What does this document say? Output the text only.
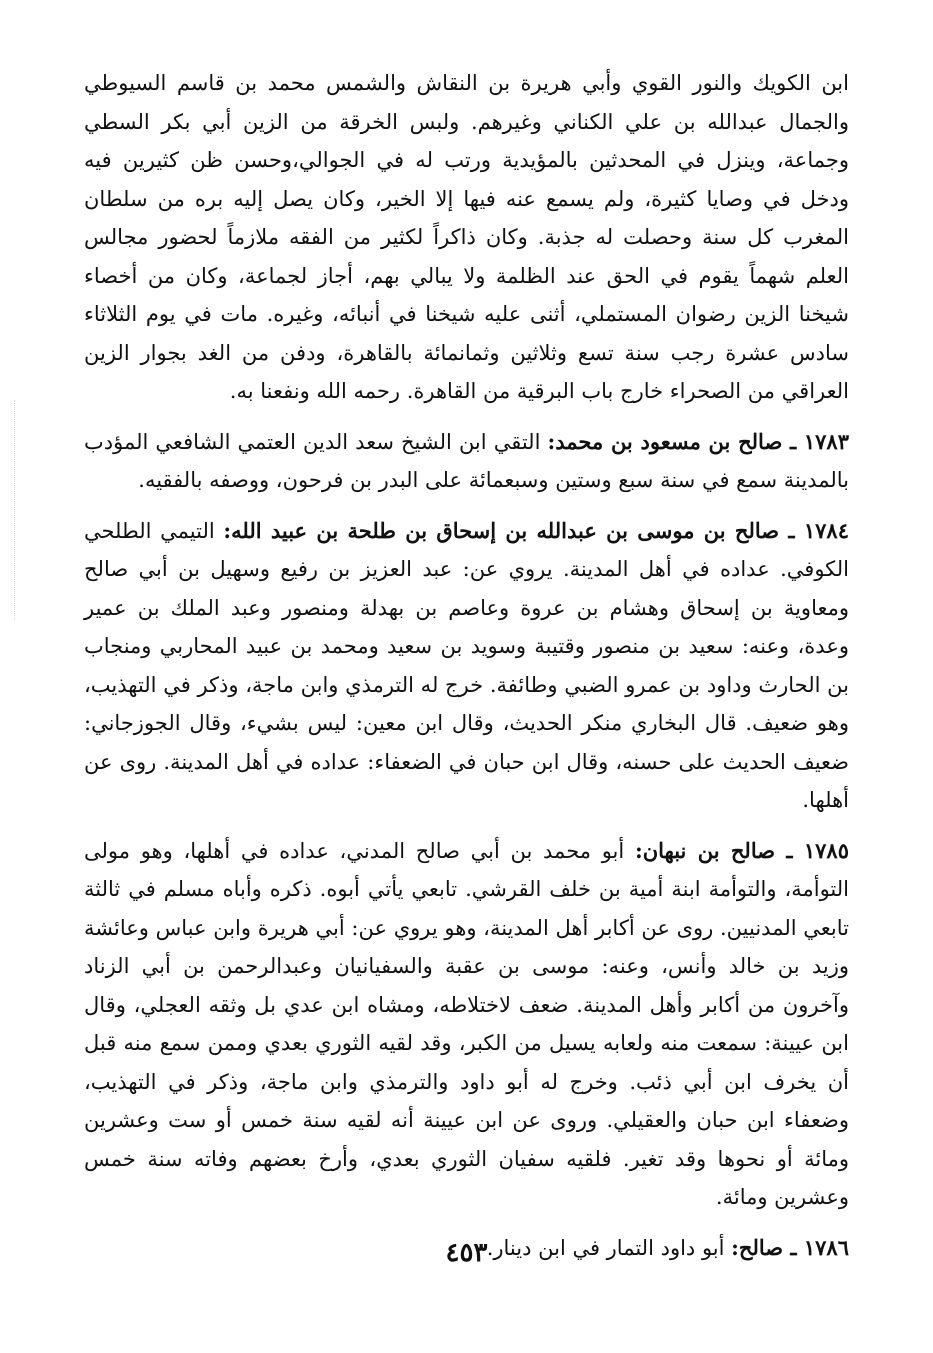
ابن الكويك والنور القوي وأبي هريرة بن النقاش والشمس محمد بن قاسم السيوطي والجمال عبدالله بن علي الكناني وغيرهم. ولبس الخرقة من الزين أبي بكر السطي وجماعة، وينزل في المحدثين بالمؤيدية ورتب له في الجوالي،وحسن ظن كثيرين فيه ودخل في وصايا كثيرة، ولم يسمع عنه فيها إلا الخير، وكان يصل إليه بره من سلطان المغرب كل سنة وحصلت له جذبة. وكان ذاكراً لكثير من الفقه ملازماً لحضور مجالس العلم شهماً يقوم في الحق عند الظلمة ولا يبالي بهم، أجاز لجماعة، وكان من أخصاء شيخنا الزين رضوان المستملي، أثنى عليه شيخنا في أنبائه، وغيره. مات في يوم الثلاثاء سادس عشرة رجب سنة تسع وثلاثين وثمانمائة بالقاهرة، ودفن من الغد بجوار الزين العراقي من الصحراء خارج باب البرقية من القاهرة. رحمه الله ونفعنا به.

١٧٨٣ ـ صالح بن مسعود بن محمد: التقي ابن الشيخ سعد الدين العتمي الشافعي المؤدب بالمدينة سمع في سنة سبع وستين وسبعمائة على البدر بن فرحون، ووصفه بالفقيه.

١٧٨٤ ـ صالح بن موسى بن عبدالله بن إسحاق بن طلحة بن عبيد الله: التيمي الطلحي الكوفي. عداده في أهل المدينة. يروي عن: عبد العزيز بن رفيع وسهيل بن أبي صالح ومعاوية بن إسحاق وهشام بن عروة وعاصم بن بهدلة ومنصور وعبد الملك بن عمير وعدة، وعنه: سعيد بن منصور وقتيبة وسويد بن سعيد ومحمد بن عبيد المحاربي ومنجاب بن الحارث وداود بن عمرو الضبي وطائفة. خرج له الترمذي وابن ماجة، وذكر في التهذيب، وهو ضعيف. قال البخاري منكر الحديث، وقال ابن معين: ليس بشيء، وقال الجوزجاني: ضعيف الحديث على حسنه، وقال ابن حبان في الضعفاء: عداده في أهل المدينة. روى عن أهلها.

١٧٨٥ ـ صالح بن نبهان: أبو محمد بن أبي صالح المدني، عداده في أهلها، وهو مولى التوأمة، والتوأمة ابنة أمية بن خلف القرشي. تابعي يأتي أبوه. ذكره وأباه مسلم في ثالثة تابعي المدنيين. روى عن أكابر أهل المدينة، وهو يروي عن: أبي هريرة وابن عباس وعائشة وزيد بن خالد وأنس، وعنه: موسى بن عقبة والسفيانيان وعبدالرحمن بن أبي الزناد وآخرون من أكابر وأهل المدينة. ضعف لاختلاطه، ومشاه ابن عدي بل وثقه العجلي، وقال ابن عيينة: سمعت منه ولعابه يسيل من الكبر، وقد لقيه الثوري بعدي وممن سمع منه قبل أن يخرف ابن أبي ذئب. وخرج له أبو داود والترمذي وابن ماجة، وذكر في التهذيب، وضعفاء ابن حبان والعقيلي. وروى عن ابن عيينة أنه لقيه سنة خمس أو ست وعشرين ومائة أو نحوها وقد تغير. فلقيه سفيان الثوري بعدي، وأرخ بعضهم وفاته سنة خمس وعشرين ومائة.

١٧٨٦ ـ صالح: أبو داود التمار في ابن دينار.

٤٥٣
